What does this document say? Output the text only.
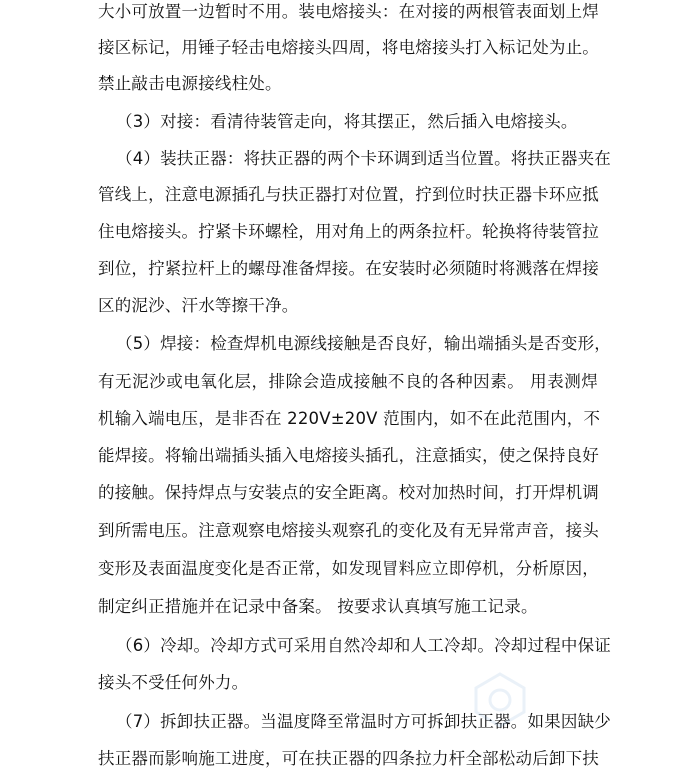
大小可放置一边暂时不用。装电熔接头：在对接的两根管表面划上焊
接区标记，用锤子轻击电熔接头四周，将电熔接头打入标记处为止。
禁止敲击电源接线柱处。
（3）对接：看清待装管走向，将其摆正，然后插入电熔接头。
（4）装扶正器：将扶正器的两个卡环调到适当位置。将扶正器夹在
管线上，注意电源插孔与扶正器打对位置，拧到位时扶正器卡环应抵
住电熔接头。拧紧卡环螺栓，用对角上的两条拉杆。轮换将待装管拉
到位，拧紧拉杆上的螺母准备焊接。在安装时必须随时将溅落在焊接
区的泥沙、汗水等擦干净。
（5）焊接：检查焊机电源线接触是否良好，输出端插头是否变形，
有无泥沙或电氧化层，排除会造成接触不良的各种因素。 用表测焊
机输入端电压，是非否在 220V±20V 范围内，如不在此范围内，不
能焊接。将输出端插头插入电熔接头插孔，注意插实，使之保持良好
的接触。保持焊点与安装点的安全距离。校对加热时间，打开焊机调
到所需电压。注意观察电熔接头观察孔的变化及有无异常声音，接头
变形及表面温度变化是否正常，如发现冒料应立即停机，分析原因，
制定纠正措施并在记录中备案。 按要求认真填写施工记录。
（6）冷却。冷却方式可采用自然冷却和人工冷却。冷却过程中保证
接头不受任何外力。
（7）拆卸扶正器。当温度降至常温时方可拆卸扶正器。如果因缺少
扶正器而影响施工进度，可在扶正器的四条拉力杆全部松动后卸下扶
